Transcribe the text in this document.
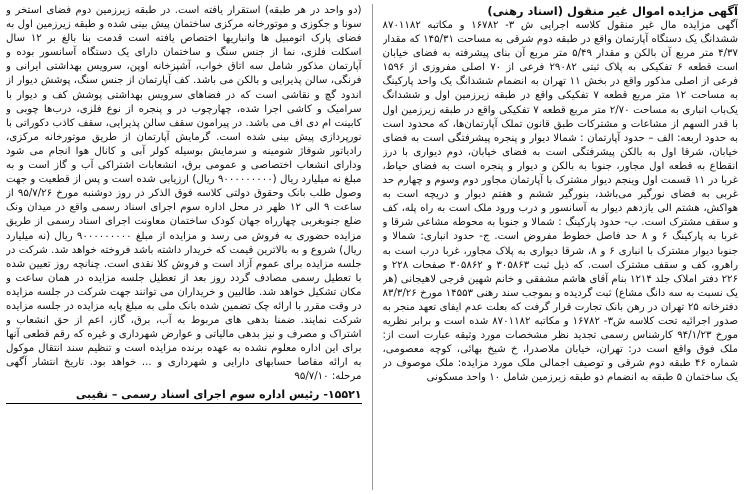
آگهی مزایده اموال غیر منقول (اسناد رهنی)
آگهی مزایده مال غیر منقول کلاسه اجرایی ش ۳- ۱۶۷۸۲ و مکاتبه ۸۷۰۱۱۸۲ ششدانگ یک دستگاه آپارتمان واقع در طبقه دوم شرقی به مساحت ۱۴۵/۳۱ که مقدار ۴/۳۷ متر مربع آن بالکن و مقدار ۵/۴۹ متر مربع آن بنای پیشرفته به فضای خیابان است قطعه ۶ تفکیکی به پلاک ثبتی ۲۹۰۸۲ فرعی از ۷۰ اصلی مفروزی از ۱۵۹۶ فرعی از اصلی مذکور واقع در بخش ۱۱ تهران به انضمام ششدانگ یک واحد پارکینگ به مساحت ۱۲ متر مربع قطعه ۷ تفکیکی واقع در طبقه زیرزمین اول و ششدانگ یک‌باب انباری به مساحت ۲/۷۰ متر مربع قطعه ۷ تفکیکی واقع در طبقه زیرزمین اول با قدر السهم از مشاعات و مشترکات طبق قانون تملک آپارتمان‌ها، که محدود است به حدود اربعه: الف – حدود آپارتمان : شمالا دیوار و پنجره پیشرفتگی است به فضای خیابان، شرقا اول به بالکن پیشرفتگی است به فضای خیابان، دوم دیواری با درز انقطاع به قطعه اول مجاور، جنوبا به بالکن و دیوار و پنجره است به فضای حیاط، غربا در ۱۱ قسمت اول وینجم دیوار مشترک با آپارتمان مجاور دوم وسوم و چهارم حد غربی به فضای نورگیر می‌باشد، بنورگیر ششم و هفتم دیوار و دریچه است به هواکش، هشتم الی یازدهم دیوار به آسانسور و درب ورود ملک است به راه پله، کف و سقف مشترک است. ب- حدود پارکینگ : شمالا و جنوبا به محوطه مشاعی شرقا و غربا به پارکینگ ۶ و ۸ حد فاصل خطوط مفروض است. ج- حدود انباری: شمالا و جنوبا دیوار مشترک با انباری ۶ و ۸، شرقا دیواری به پلاک مجاور، غربا درب است به راهرو، کف و سقف مشترک است. که ذیل ثبت ۳۰۵۸۶۳ و ۳۰۵۸۶۲ صفحات ۲۲۸ و ۲۲۶ دفتر املاک جلد ۱۲۱۴ بنام آقای هاشم مشفقی و خانم شهین قرجی لاهیجانی (هر یک نسبت به سه دانگ مشاع) ثبت گردیده و بموجب سند رهنی ۱۴۵۵۳ مورخ ۸۳/۳/۲۶ دفترخانه ۲۵ تهران در رهن بانک تجارت قرار گرفت که بعلت عدم ایفای تعهد منجر به صدور اجرائیه تحت کلاسه ش۳- ۱۶۷۸۲ و مکاتبه ۸۷۰۱۱۸۲ شده است و برابر نظریه مورخ ۹۴/۱/۲۳ کارشناس رسمی تجدید نظر مشخصات مورد وثیقه عبارت است از: ملک فوق واقع است در: تهران، خیابان ملاصدرا، خ شیخ بهائی، کوچه معصومی، شماره ۴۶ طبقه دوم شرقی و توصیف اجمالی ملک مورد مزایده: ملک موصوف در یک ساختمان ۵ طبقه به انضمام دو طبقه زیرزمین شامل ۱۰ واحد مسکونی
(دو واحد در هر طبقه) استقرار یافته است. در طبقه زیرزمین دوم فضای استخر و سونا و جکوزی و موتورخانه مرکزی ساختمان پیش بینی شده و طبقه زیرزمین اول به فضای پارک اتومبیل ها وانباریها اختصاص یافته است قدمت بنا بالغ بر ۱۲ سال اسکلت فلزی، نما از جنس سنگ و ساختمان دارای یک دستگاه آسانسور بوده و آپارتمان مذکور شامل سه اتاق خواب، آشپزخانه اوپن، سرویس بهداشتی ایرانی و فرنگی، سالن پذیرایی و بالکن می باشد. کف آپارتمان از جنس سنگ، پوشش دیوار از اندود گچ و نقاشی است که در فضاهای سرویس بهداشتی پوشش کف و دیوار با سرامیک و کاشی اجرا شده، چهارچوب در و پنجره از نوع فلزی، درب‌ها چوبی و کابینت ام دی اف می باشد. در پیرامون سقف سالن پذیرایی، سقف کاذب دکوراتی با نورپردازی پیش بینی شده است. گرمایش آپارتمان از طریق موتورخانه مرکزی، رادیاتور شوفاژ شومینه و سرمایش بوسیله کولر آبی و کانال هوا انجام می شود ودارای انشعاب اختصاصی و عمومی برق، انشعابات اشتراکی آب و گاز است و به مبلغ نه میلیارد ریال (۹۰۰۰۰۰۰۰۰۰ ریال) ارزیابی شده است و پس از قطعیت و جهت وصول طلب بانک وحقوق دولتی کلاسه فوق الذکر در روز دوشنبه مورخ ۹۵/۷/۲۶ از ساعت ۹ الی ۱۲ ظهر در محل اداره سوم اجرای اسناد رسمی واقع در میدان ونک ضلع جنوبغربی چهارراه جهان کودک ساختمان معاونت اجرای اسناد رسمی از طریق مزایده حضوری به فروش می رسد و مزایده از مبلغ ۹۰۰۰۰۰۰۰۰۰ ریال (نه میلیارد ریال) شروع و به بالاترین قیمت که خریدار داشته باشد فروخته خواهد شد. شرکت در جلسه مزایده برای عموم آزاد است و فروش کلا نقدی است. چنانچه روز تعیین شده با تعطیل رسمی مصادف گردد روز بعد از تعطیل جلسه مزایده در همان ساعت و مکان تشکیل خواهد شد. طالبین و خریداران می توانند جهت شرکت در جلسه مزایده در وقت مقرر با ارائه چک تضمین شده بانک ملی به مبلغ پایه مزایده در جلسه مزایده شرکت نمایند. ضمنا بدهی های مربوط به آب، برق، گاز، اعم از حق انشعاب و اشتراک و مصرف و نیز بدهی مالیاتی و عوارض شهرداری و غیره که رقم قطعی آنها برای این اداره معلوم نشده به عهده برنده مزایده است و تنظیم سند انتقال موکول به ارائه مفاصا حسابهای دارایی و شهرداری و ... خواهد بود. تاریخ انتشار آگهی مرحله: ۹۵/۷/۱۰
۱۵۵۲۱- رئیس اداره سوم اجرای اسناد رسمی – نقیبی
